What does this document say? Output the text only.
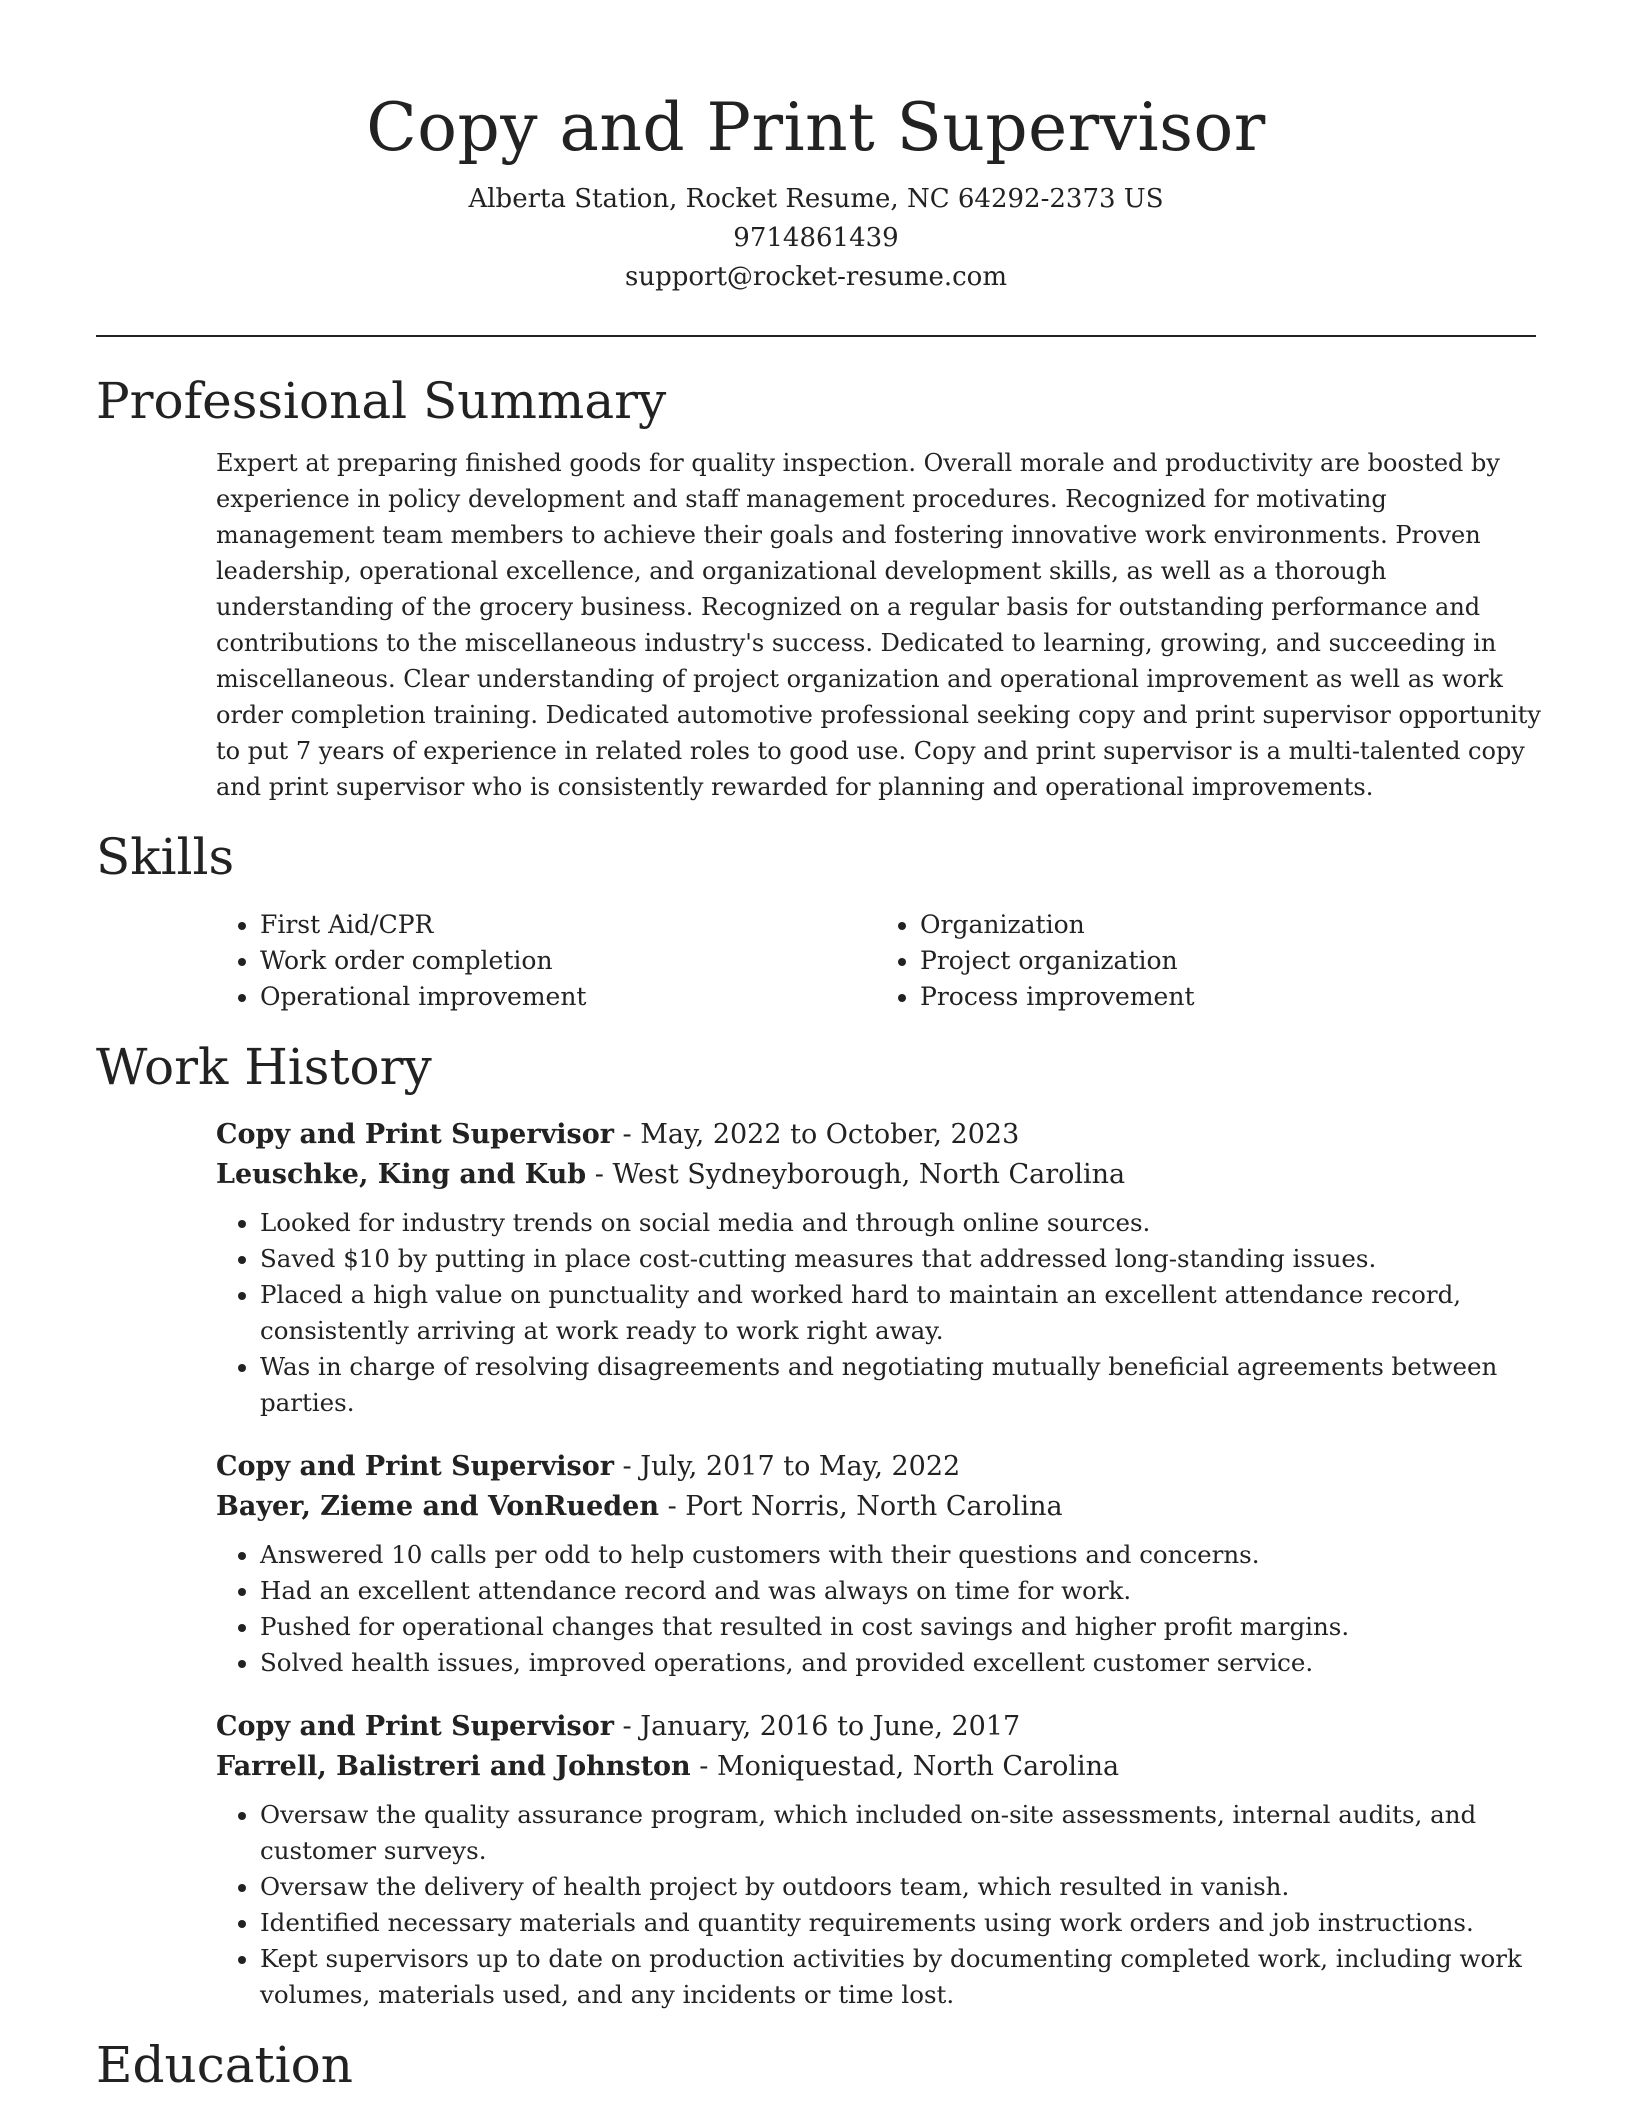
Copy and Print Supervisor
Alberta Station, Rocket Resume, NC 64292-2373 US
9714861439
support@rocket-resume.com
Professional Summary

Expert at preparing finished goods for quality inspection. Overall morale and productivity are boosted by experience in policy development and staff management procedures. Recognized for motivating management team members to achieve their goals and fostering innovative work environments. Proven leadership, operational excellence, and organizational development skills, as well as a thorough understanding of the grocery business. Recognized on a regular basis for outstanding performance and contributions to the miscellaneous industry's success. Dedicated to learning, growing, and succeeding in miscellaneous. Clear understanding of project organization and operational improvement as well as work order completion training. Dedicated automotive professional seeking copy and print supervisor opportunity to put 7 years of experience in related roles to good use. Copy and print supervisor is a multi-talented copy and print supervisor who is consistently rewarded for planning and operational improvements.

Skills
• First Aid/CPR
• Work order completion
• Operational improvement
• Organization
• Project organization
• Process improvement
Work History
Copy and Print Supervisor - May, 2022 to October, 2023
Leuschke, King and Kub - West Sydneyborough, North Carolina
• Looked for industry trends on social media and through online sources.
• Saved $10 by putting in place cost-cutting measures that addressed long-standing issues.
• Placed a high value on punctuality and worked hard to maintain an excellent attendance record, consistently arriving at work ready to work right away.
• Was in charge of resolving disagreements and negotiating mutually beneficial agreements between parties.
Copy and Print Supervisor - July, 2017 to May, 2022
Bayer, Zieme and VonRueden - Port Norris, North Carolina
• Answered 10 calls per odd to help customers with their questions and concerns.
• Had an excellent attendance record and was always on time for work.
• Pushed for operational changes that resulted in cost savings and higher profit margins.
• Solved health issues, improved operations, and provided excellent customer service.
Copy and Print Supervisor - January, 2016 to June, 2017
Farrell, Balistreri and Johnston - Moniquestad, North Carolina
• Oversaw the quality assurance program, which included on-site assessments, internal audits, and customer surveys.
• Oversaw the delivery of health project by outdoors team, which resulted in vanish.
• Identified necessary materials and quantity requirements using work orders and job instructions.
• Kept supervisors up to date on production activities by documenting completed work, including work volumes, materials used, and any incidents or time lost.
Education
